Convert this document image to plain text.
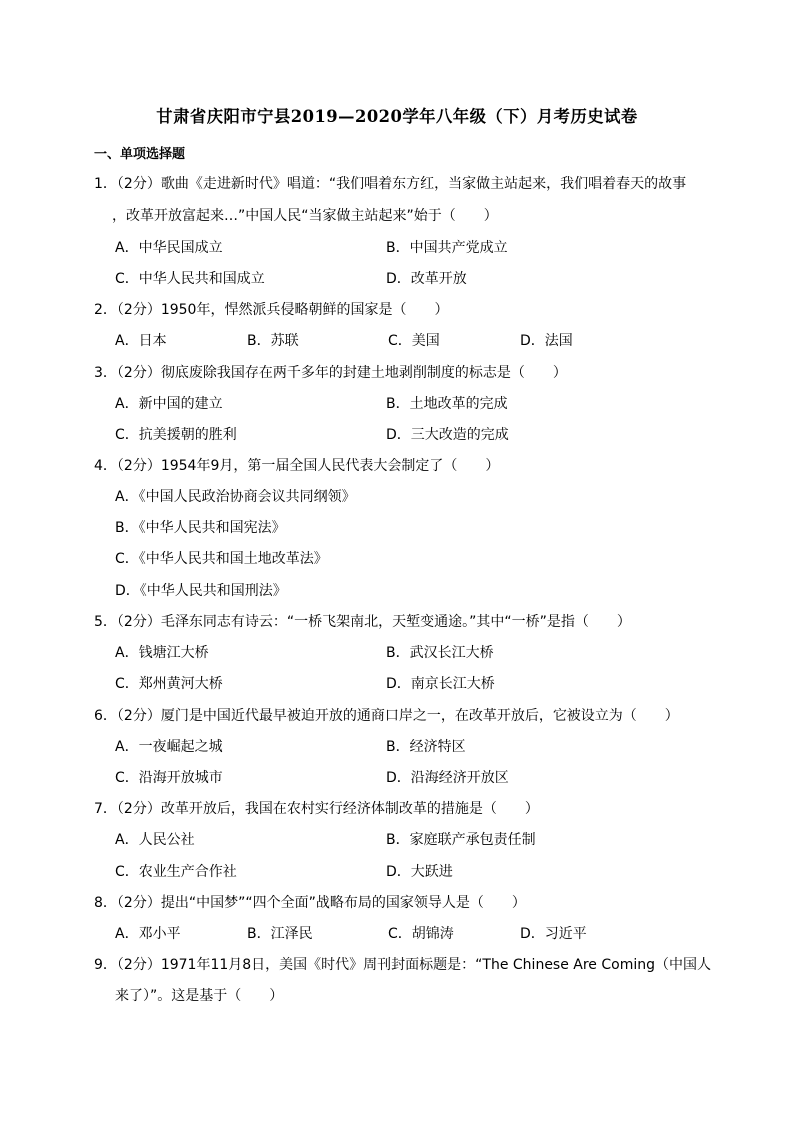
甘肃省庆阳市宁县2019—2020学年八年级（下）月考历史试卷
一、单项选择题
1．（2分）歌曲《走进新时代》唱道：“我们唱着东方红，当家做主站起来，我们唱着春天的故事
，改革开放富起来…”中国人民“当家做主站起来”始于（　　）
A．中华民国成立	B．中国共产党成立
C．中华人民共和国成立	D．改革开放
2．（2分）1950年，悍然派兵侵略朝鲜的国家是（　　）
A．日本	B．苏联	C．美国	D．法国
3．（2分）彻底废除我国存在两千多年的封建土地剥削制度的标志是（　　）
A．新中国的建立	B．土地改革的完成
C．抗美援朝的胜利	D．三大改造的完成
4．（2分）1954年9月，第一届全国人民代表大会制定了（　　）
A．《中国人民政治协商会议共同纲领》
B．《中华人民共和国宪法》
C．《中华人民共和国土地改革法》
D．《中华人民共和国刑法》
5．（2分）毛泽东同志有诗云：“一桥飞架南北，天堑变通途。”其中“一桥”是指（　　）
A．钱塘江大桥	B．武汉长江大桥
C．郑州黄河大桥	D．南京长江大桥
6．（2分）厦门是中国近代最早被迫开放的通商口岸之一，在改革开放后，它被设立为（　　）
A．一夜崛起之城	B．经济特区
C．沿海开放城市	D．沿海经济开放区
7．（2分）改革开放后，我国在农村实行经济体制改革的措施是（　　）
A．人民公社	B．家庭联产承包责任制
C．农业生产合作社	D．大跃进
8．（2分）提出“中国梦”“四个全面”战略布局的国家领导人是（　　）
A．邓小平	B．江泽民	C．胡锦涛	D．习近平
9．（2分）1971年11月8日，美国《时代》周刊封面标题是：“The Chinese Are Coming（中国人
来了）”。这是基于（　　）
